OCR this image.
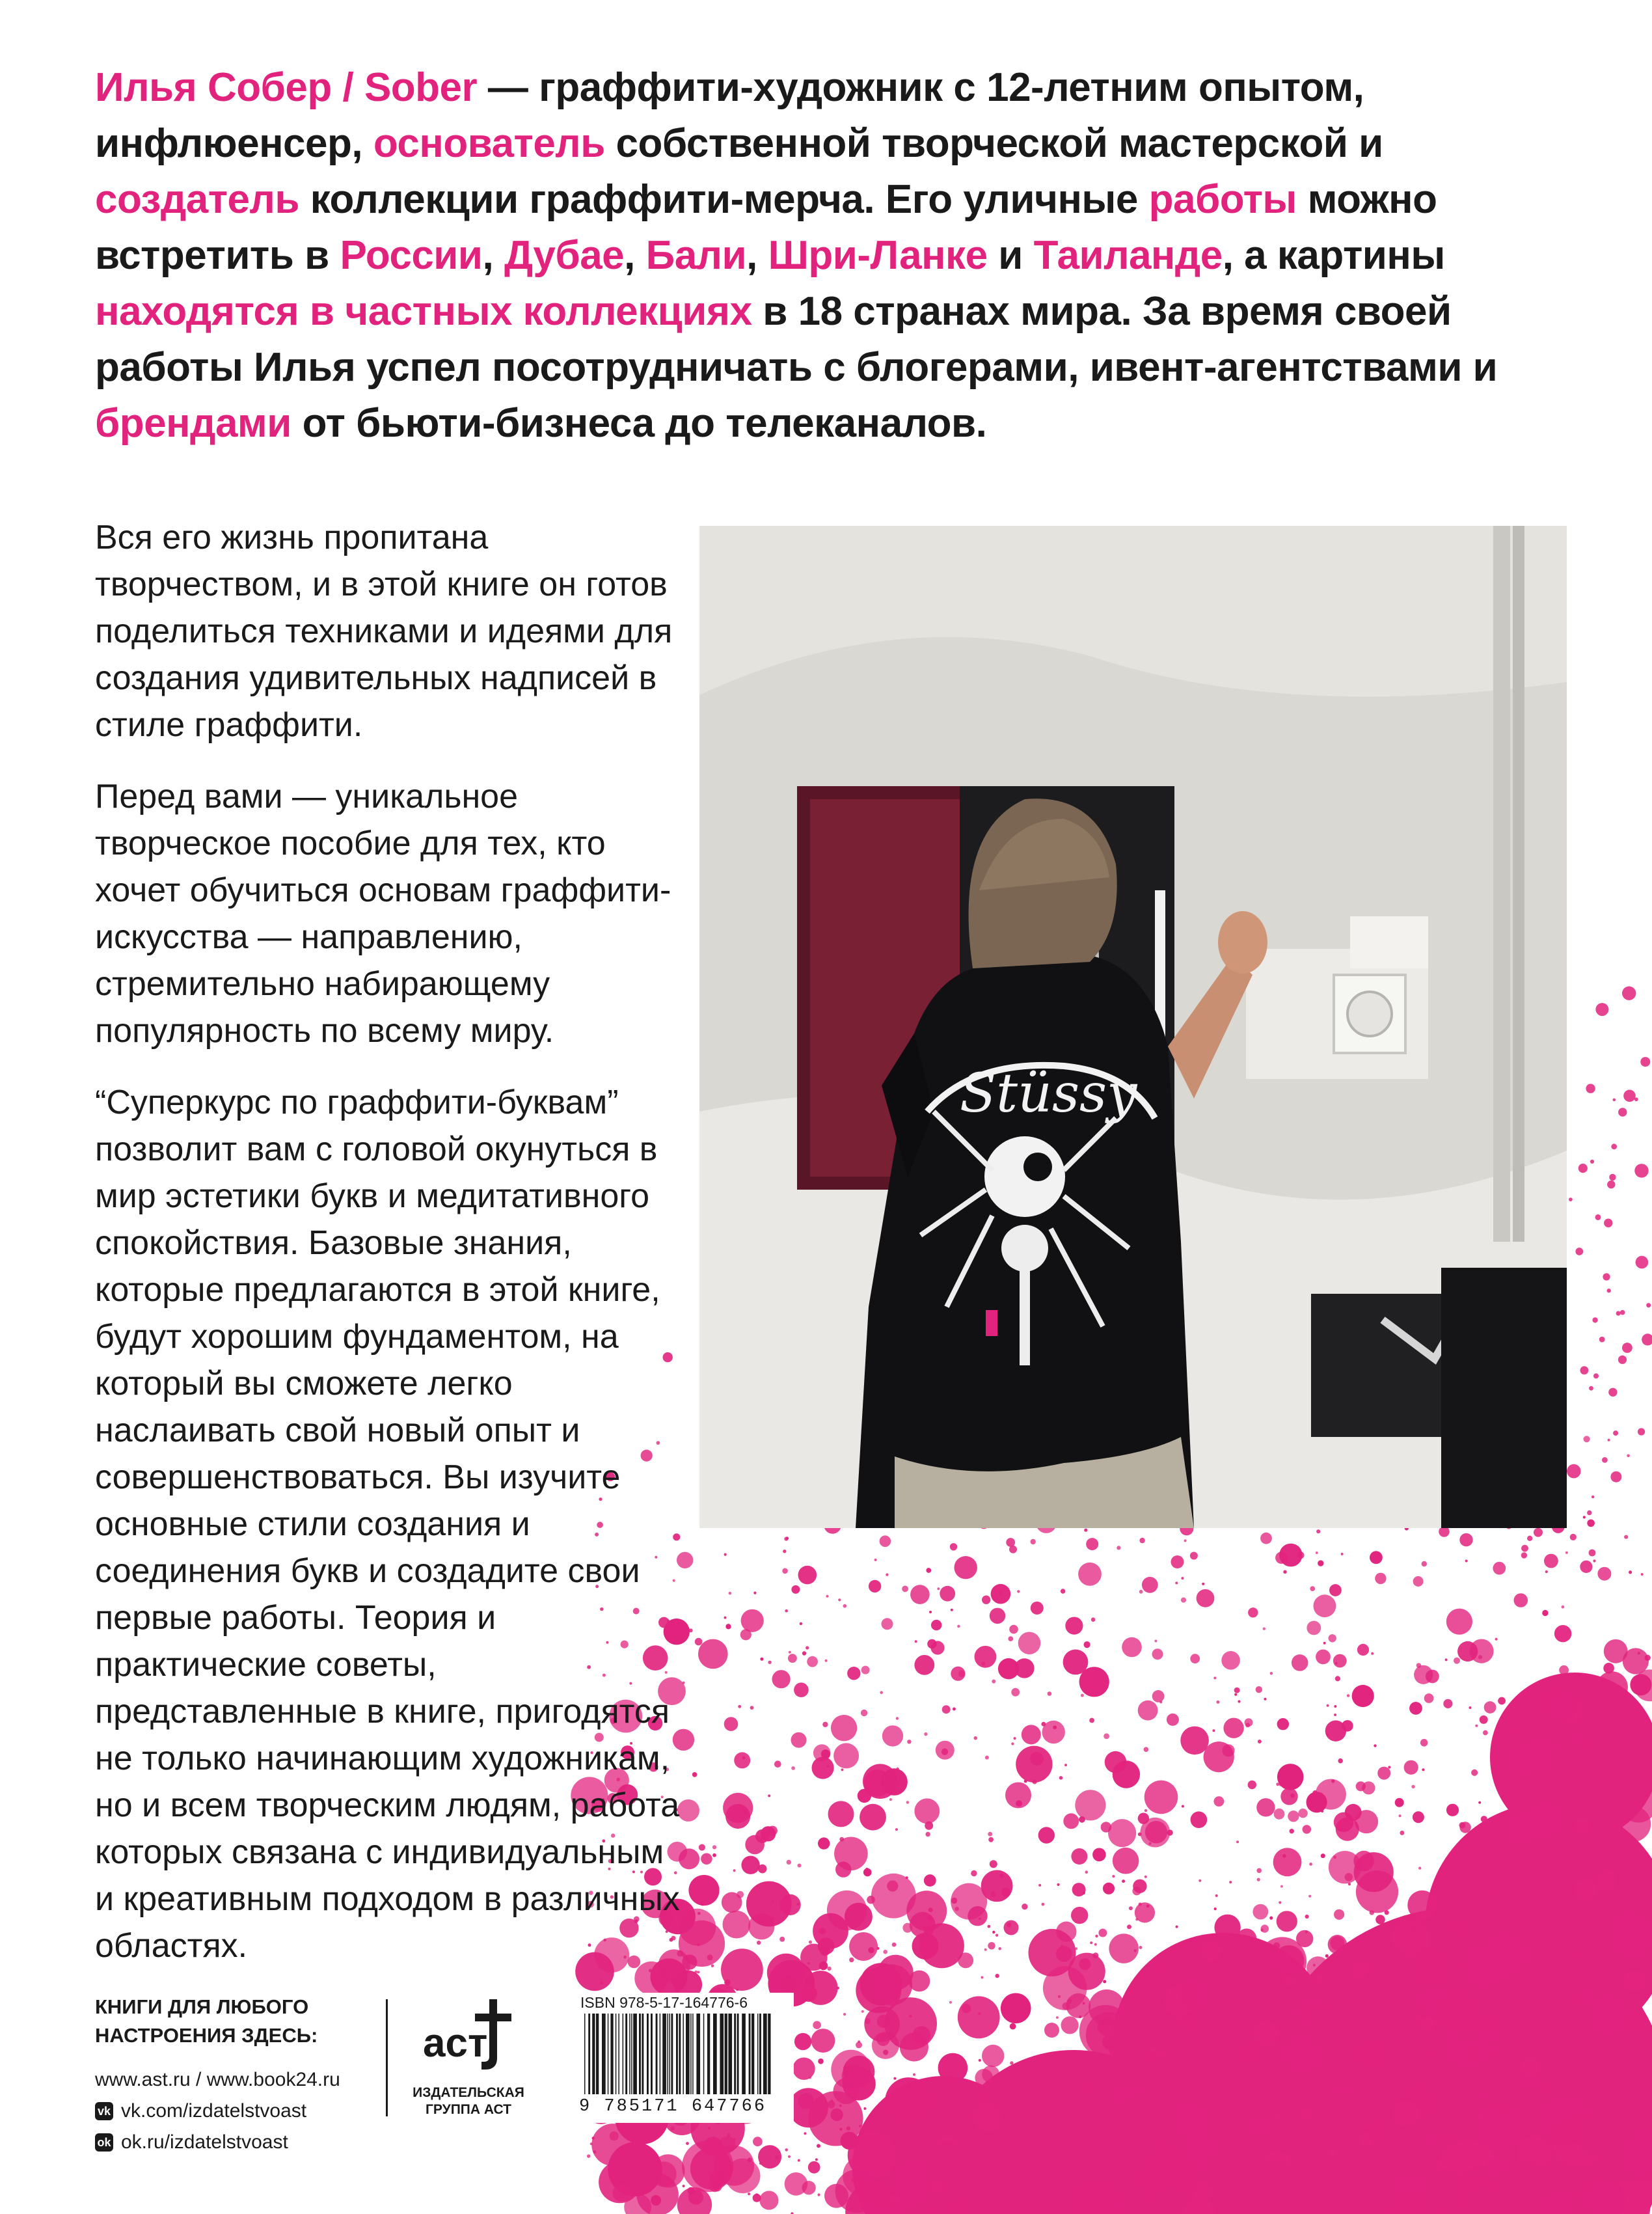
Илья Собер / Sober — граффити-художник с 12-летним опытом, инфлюенсер, основатель собственной творческой мастерской и создатель коллекции граффити-мерча. Его уличные работы можно встретить в России, Дубае, Бали, Шри-Ланке и Таиланде, а картины находятся в частных коллекциях в 18 странах мира. За время своей работы Илья успел посотрудничать с блогерами, ивент-агентствами и брендами от бьюти-бизнеса до телеканалов.

Вся его жизнь пропитана творчеством, и в этой книге он готов поделиться техниками и идеями для создания удивительных надписей в стиле граффити.

Перед вами — уникальное творческое пособие для тех, кто хочет обучиться основам граффити-искусства — направлению, стремительно набирающему популярность по всему миру.

“Суперкурс по граффити-буквам” позволит вам с головой окунуться в мир эстетики букв и медитативного спокойствия. Базовые знания, которые предлагаются в этой книге, будут хорошим фундаментом, на который вы сможете легко наслаивать свой новый опыт и совершенствоваться. Вы изучите основные стили создания и соединения букв и создадите свои первые работы. Теория и практические советы, представленные в книге, пригодятся не только начинающим художникам, но и всем творческим людям, работа которых связана с индивидуальным и креативным подходом в различных областях.

Stüssy
КНИГИ ДЛЯ ЛЮБОГО
НАСТРОЕНИЯ ЗДЕСЬ:
www.ast.ru / www.book24.ru
vk vk.com/izdatelstvoast
ok ok.ru/izdatelstvoast
аст
ИЗДАТЕЛЬСКАЯ
ГРУППА АСТ
ISBN 978-5-17-164776-6
9 785171 647766
